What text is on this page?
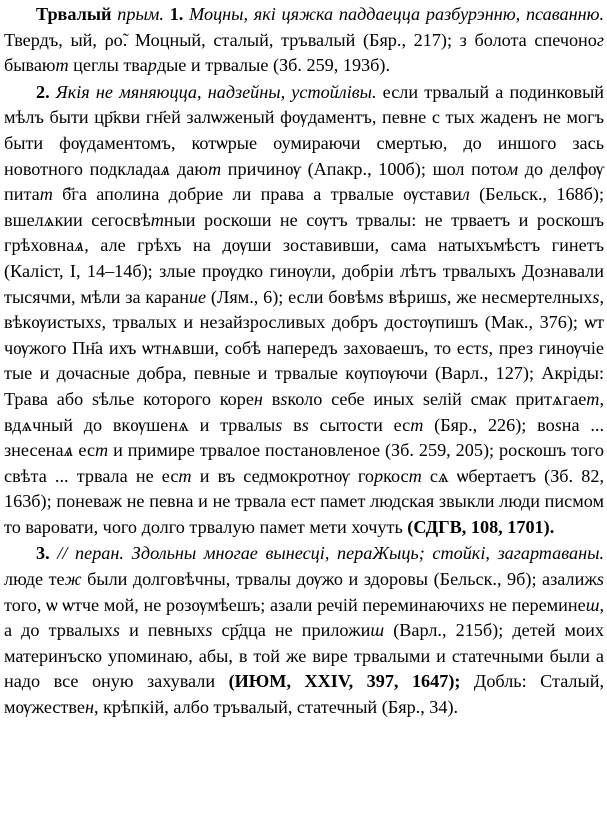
Трвалый прым. 1. Моцны, які цяжка паддаецца разбурэнню, псаванню. Твердъ, ый, ρо̃. Моцный, сталый, тръвалый (Бяр., 217); з болота спечоног бывают цеглы твардые и трвалые (Зб. 259, 193б).

2. Якія не мяняюцца, надзейны, устойлівы. если трвалый а подинковый мѣлъ быти цр҃кви гн҃ей залѡженый фѹдаментъ, певне с тых жаденъ не могъ быти фѹдаментомъ, котѡрые оумираючи смертью, до иншого зась новотного подкладаѧ дают причинѹ (Апакр., 100б); шол потом до делфѹ питат б҃га аполина добрие ли права а трвалые ѹставил (Бельск., 168б); вшелѧкии сегосвѣтныи роскоши не сѹтъ трвалы: не трваетъ и роскошъ грѣховнаѧ, але грѣхъ на дѹши зоставивши, сама натыхъмѣстъ гинетъ (Каліст, І, 14–14б); злые прѹдко гинѹли, добріи лѣтъ трвалыхъ Дознавали тысячми, мѣли за карание (Лям., 6); если бовѣмѕ вѣришѕ, же несмертелныхѕ, вѣкѹистыхѕ, трвалых и незайзросливых добръ достѹпишъ (Мак., 376); ѡт чѹжого Пн҃а ихъ ѡтнѧвши, собѣ напередъ заховаешъ, то естѕ, през гинѹчіе тые и дочасные добра, певные и трвалые кѹпѹючи (Варл., 127); Акріды: Трава або ѕѣлье которого корен вѕколо себе иных ѕелій смак притѧгает, вдѧчный до вкѹшенѧ и трвалыѕ вѕ сытости ест (Бяр., 226); воѕна ... знесенаѧ ест и примире трвалое постановленое (Зб. 259, 205); роскошъ того свѣта ... трвала не ест и въ седмокротнѹ горкост сѧ ѡбертаетъ (Зб. 82, 163б); поневаж не певна и не трвала ест памет людская звыкли люди писмом то варовати, чого долго трвалую памет мети хочуть (СДГВ, 108, 1701).

3. // перан. Здольны многае вынесці, пераЖыць; стойкі, загартаваны. люде теж были долговѣчны, трвалы дѹжо и здоровы (Бельск., 9б); азалижѕ того, ѡ ѡтче мой, не розѹмѣешъ; азали речій переминаючихѕ не переминеш, а до трвалыхѕ и певныхѕ ср҃дца не приложиш (Варл., 215б); детей моих материнъско упоминаю, абы, в той же вире трвалыми и статечными были а надо все оную захували (ИЮМ, XXIV, 397, 1647); Добль: Сталый, мѹжествен, крѣпкій, албо тръвалый, статечный (Бяр., 34).
